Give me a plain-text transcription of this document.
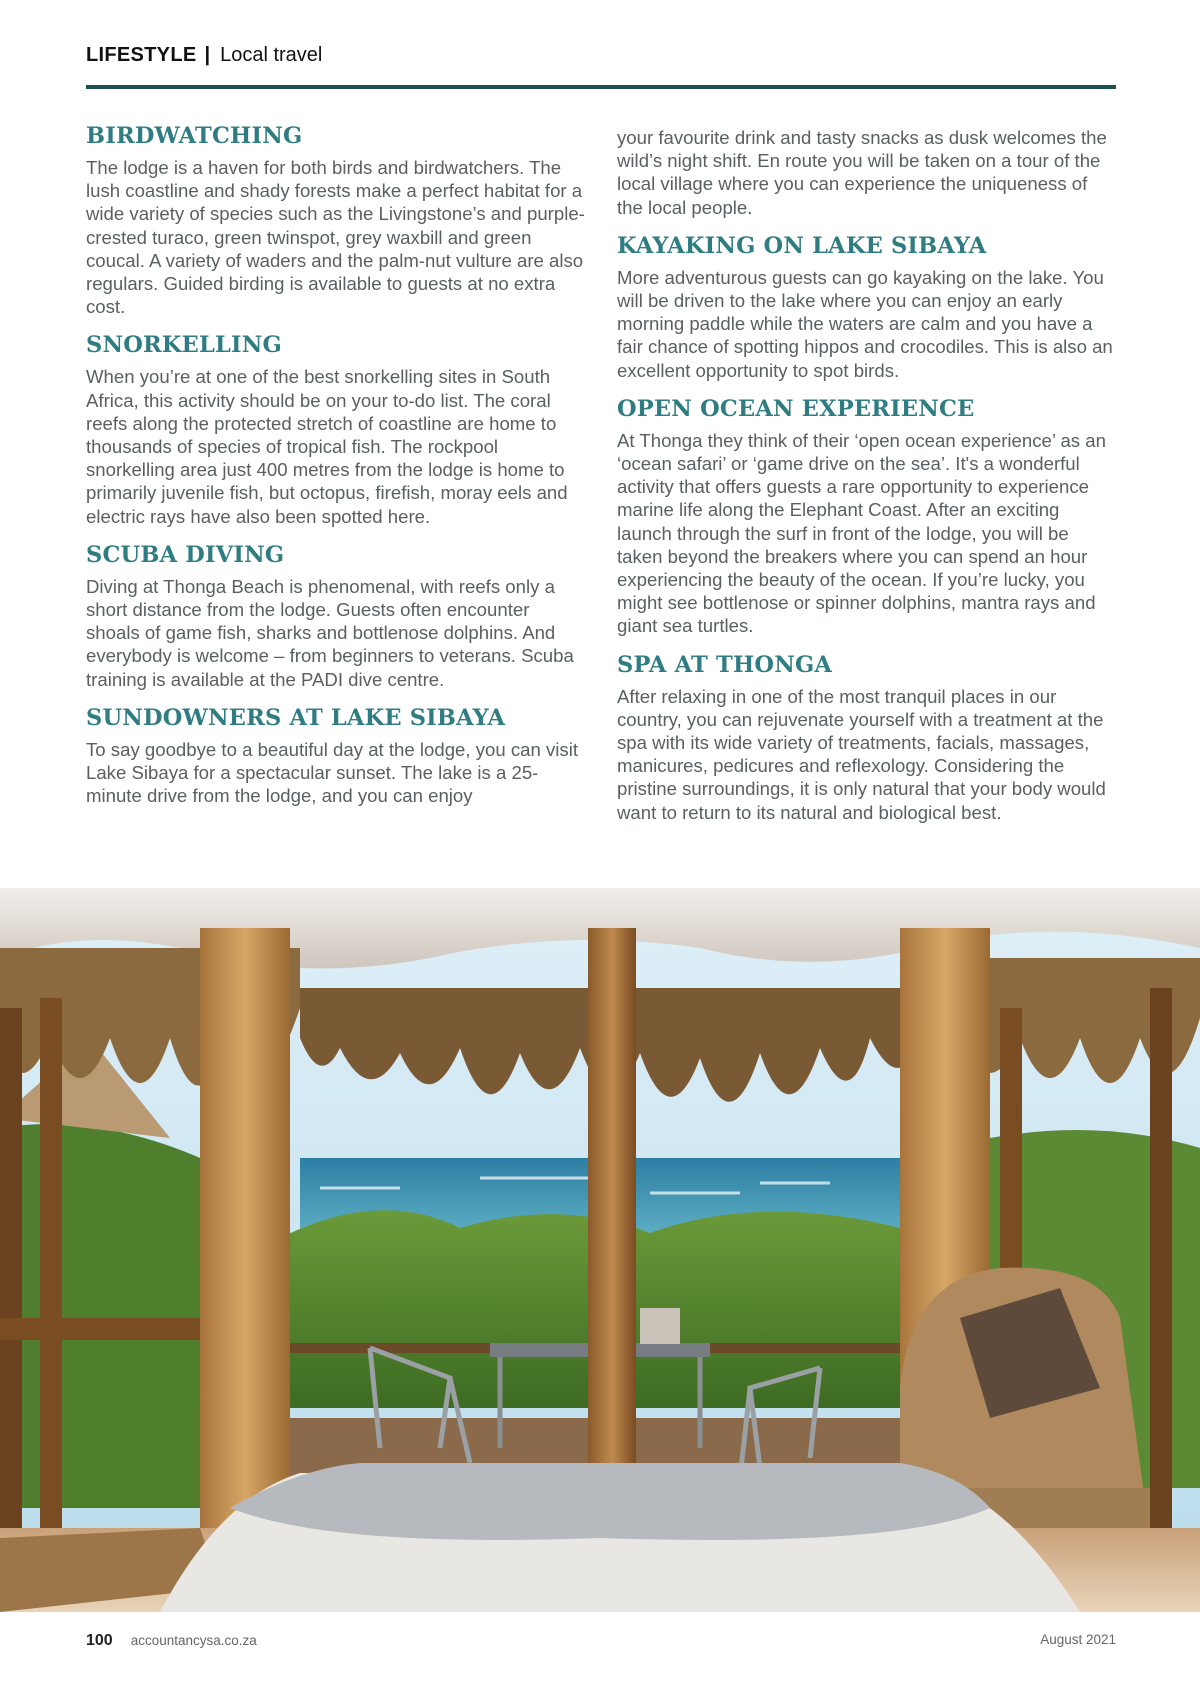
LIFESTYLE | Local travel
BIRDWATCHING

The lodge is a haven for both birds and birdwatchers. The lush coastline and shady forests make a perfect habitat for a wide variety of species such as the Livingstone’s and purple-crested turaco, green twinspot, grey waxbill and green coucal. A variety of waders and the palm-nut vulture are also regulars. Guided birding is available to guests at no extra cost.

SNORKELLING

When you’re at one of the best snorkelling sites in South Africa, this activity should be on your to-do list. The coral reefs along the protected stretch of coastline are home to thousands of species of tropical fish. The rockpool snorkelling area just 400 metres from the lodge is home to primarily juvenile fish, but octopus, firefish, moray eels and electric rays have also been spotted here.

SCUBA DIVING

Diving at Thonga Beach is phenomenal, with reefs only a short distance from the lodge. Guests often encounter shoals of game fish, sharks and bottlenose dolphins. And everybody is welcome – from beginners to veterans. Scuba training is available at the PADI dive centre.

SUNDOWNERS AT LAKE SIBAYA

To say goodbye to a beautiful day at the lodge, you can visit Lake Sibaya for a spectacular sunset. The lake is a 25-minute drive from the lodge, and you can enjoy

your favourite drink and tasty snacks as dusk welcomes the wild’s night shift. En route you will be taken on a tour of the local village where you can experience the uniqueness of the local people.

KAYAKING ON LAKE SIBAYA

More adventurous guests can go kayaking on the lake. You will be driven to the lake where you can enjoy an early morning paddle while the waters are calm and you have a fair chance of spotting hippos and crocodiles. This is also an excellent opportunity to spot birds.

OPEN OCEAN EXPERIENCE

At Thonga they think of their ‘open ocean experience’ as an ‘ocean safari’ or ‘game drive on the sea’. It's a wonderful activity that offers guests a rare opportunity to experience marine life along the Elephant Coast. After an exciting launch through the surf in front of the lodge, you will be taken beyond the breakers where you can spend an hour experiencing the beauty of the ocean. If you’re lucky, you might see bottlenose or spinner dolphins, mantra rays and giant sea turtles.

SPA AT THONGA

After relaxing in one of the most tranquil places in our country, you can rejuvenate yourself with a treatment at the spa with its wide variety of treatments, facials, massages, manicures, pedicures and reflexology. Considering the pristine surroundings, it is only natural that your body would want to return to its natural and biological best.

100 accountancysa.co.za	August 2021
